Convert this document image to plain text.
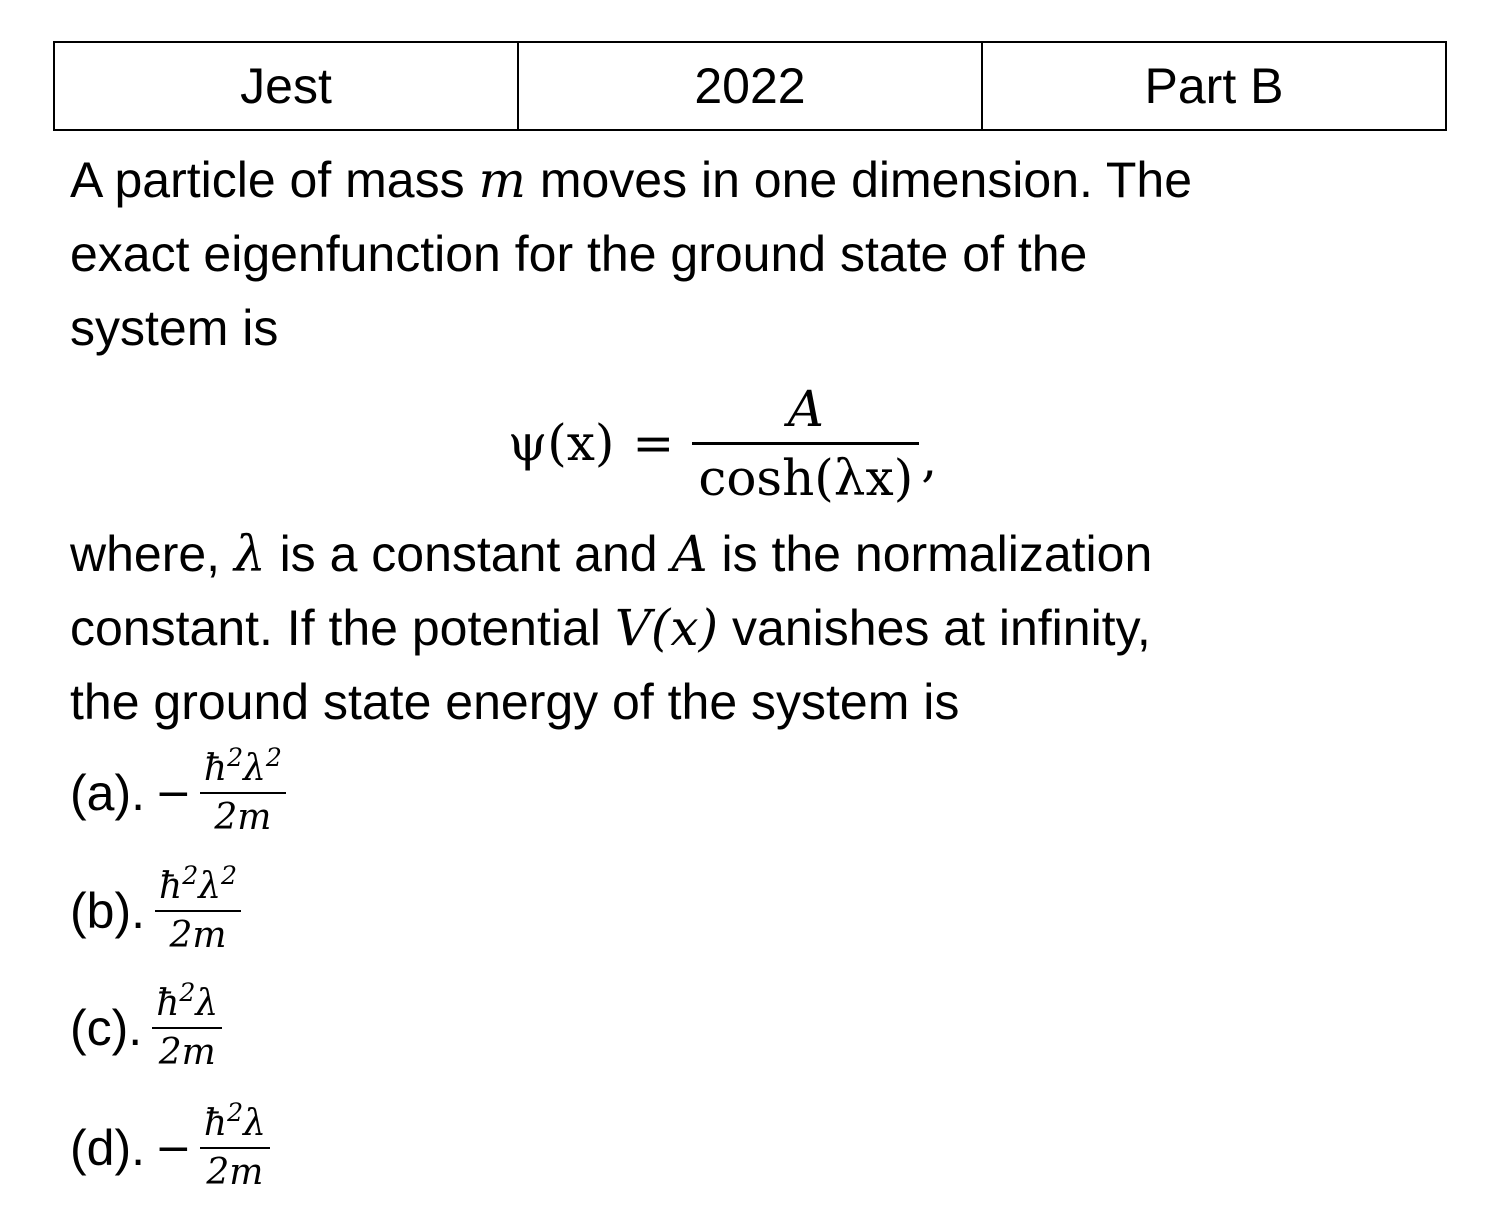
Jest	2022	Part B
A particle of mass m moves in one dimension. The
exact eigenfunction for the ground state of the
system is
$\psi(x) = \frac{A}{\cosh(\lambda x)}$ ,
where, λ is a constant and A is the normalization
constant. If the potential V(x) vanishes at infinity,
the ground state energy of the system is
(a). − $\frac{ħ^2\lambda^2}{2m}$
(b). $\frac{ħ^2\lambda^2}{2m}$
(c). $\frac{ħ^2\lambda}{2m}$
(d). − $\frac{ħ^2\lambda}{2m}$
